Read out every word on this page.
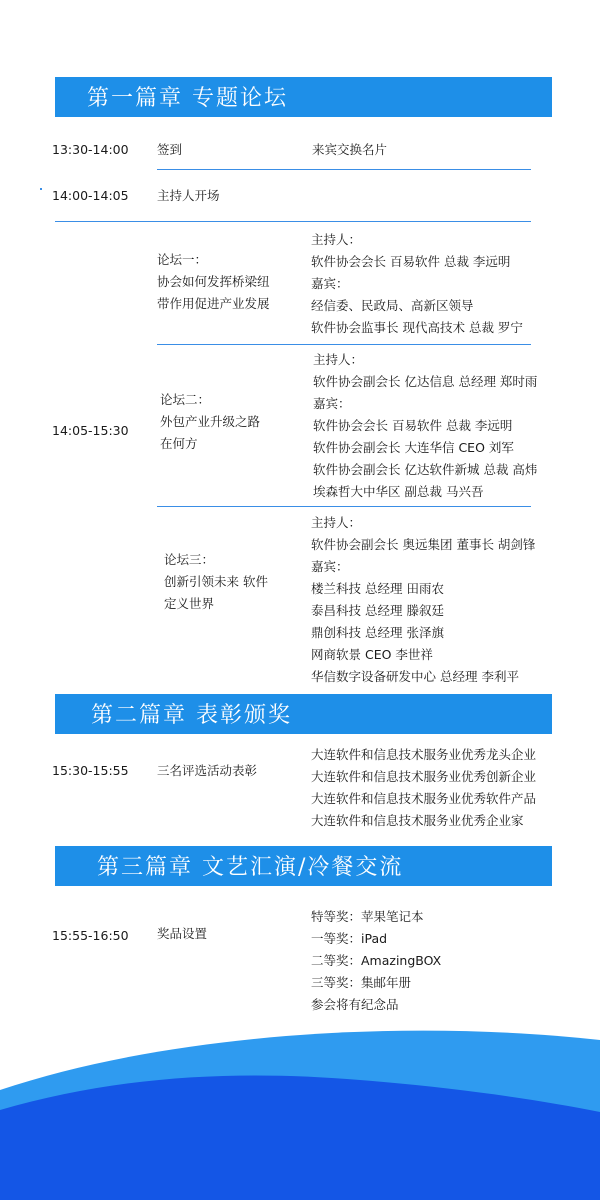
第一篇章 专题论坛
13:30-14:00 签到	来宾交换名片
14:00-14:05 主持人开场
14:05-15:30
论坛一：
协会如何发挥桥梁纽
带作用促进产业发展
主持人：
软件协会会长 百易软件 总裁 李远明
嘉宾：
经信委、民政局、高新区领导
软件协会监事长 现代高技术 总裁 罗宁
论坛二：
外包产业升级之路
在何方
主持人：
软件协会副会长 亿达信息 总经理 郑时雨
嘉宾：
软件协会会长 百易软件 总裁 李远明
软件协会副会长 大连华信 CEO 刘军
软件协会副会长 亿达软件新城 总裁 高炜
埃森哲大中华区 副总裁 马兴吾
论坛三：
创新引领未来 软件
定义世界
主持人：
软件协会副会长 奥远集团 董事长 胡剑锋
嘉宾：
楼兰科技 总经理 田雨农
泰昌科技 总经理 滕叙廷
鼎创科技 总经理 张泽旗
网商软景 CEO 李世祥
华信数字设备研发中心 总经理 李利平
第二篇章 表彰颁奖
15:30-15:55 三名评选活动表彰
大连软件和信息技术服务业优秀龙头企业
大连软件和信息技术服务业优秀创新企业
大连软件和信息技术服务业优秀软件产品
大连软件和信息技术服务业优秀企业家
第三篇章 文艺汇演/冷餐交流
15:55-16:50 奖品设置
特等奖：苹果笔记本
一等奖：iPad
二等奖：AmazingBOX
三等奖：集邮年册
参会将有纪念品
